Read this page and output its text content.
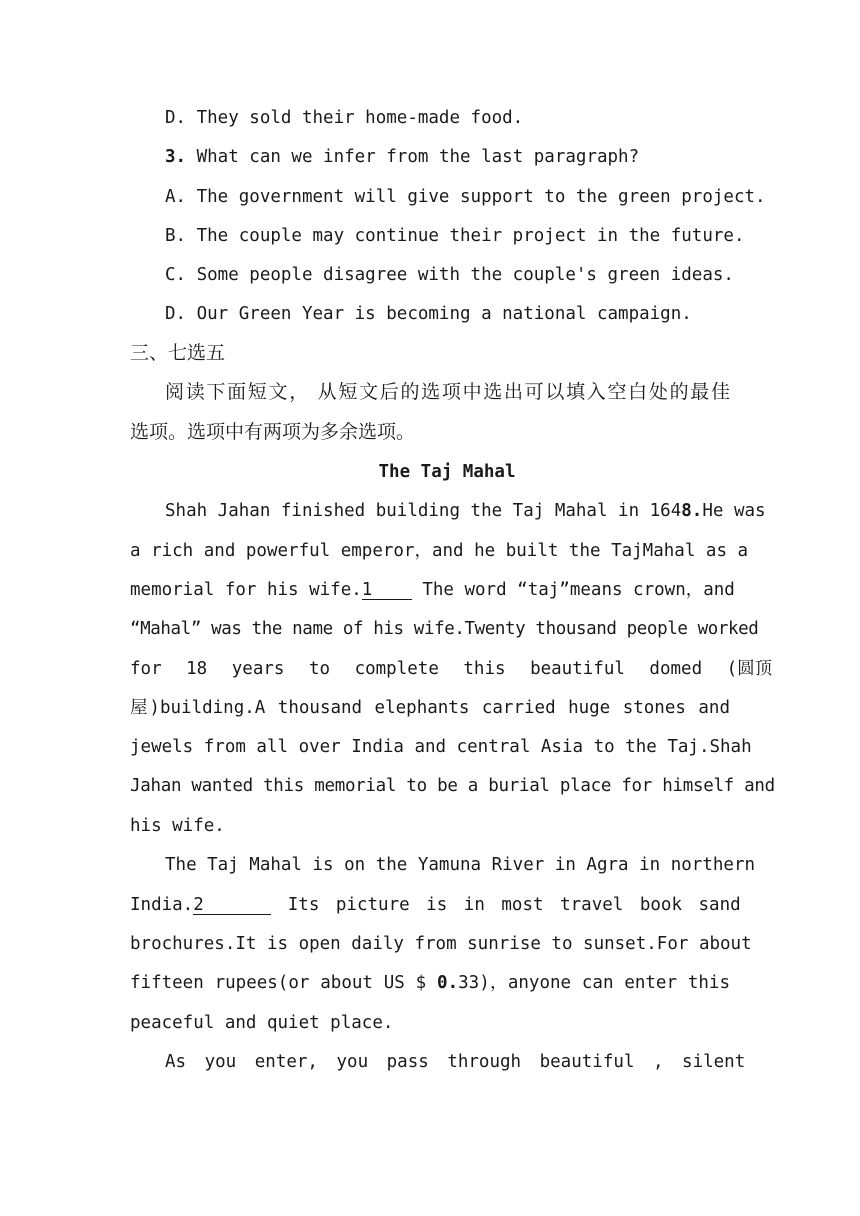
D. They sold their home-made food.
3. What can we infer from the last paragraph?
A. The government will give support to the green project.
B. The couple may continue their project in the future.
C. Some people disagree with the couple's green ideas.
D. Our Green Year is becoming a national campaign.
三、七选五
阅读下面短文， 从短文后的选项中选出可以填入空白处的最佳
选项。选项中有两项为多余选项。
The Taj Mahal
Shah Jahan finished building the Taj Mahal in 1648.He was
a rich and powerful emperor，and he built the TajMahal as a
memorial for his wife.1 The word “taj”means crown，and
“Mahal” was the name of his wife.Twenty thousand people worked
for 18 years to complete this beautiful domed (圆顶
屋)building.A thousand elephants carried huge stones and
jewels from all over India and central Asia to the Taj.Shah
Jahan wanted this memorial to be a burial place for himself and
his wife.
The Taj Mahal is on the Yamuna River in Agra in northern
India.2	Its picture is in most travel book sand
brochures.It is open daily from sunrise to sunset.For about
fifteen rupees(or about US $ 0.33)，anyone can enter this
peaceful and quiet place.
As you enter, you pass through beautiful , silent
